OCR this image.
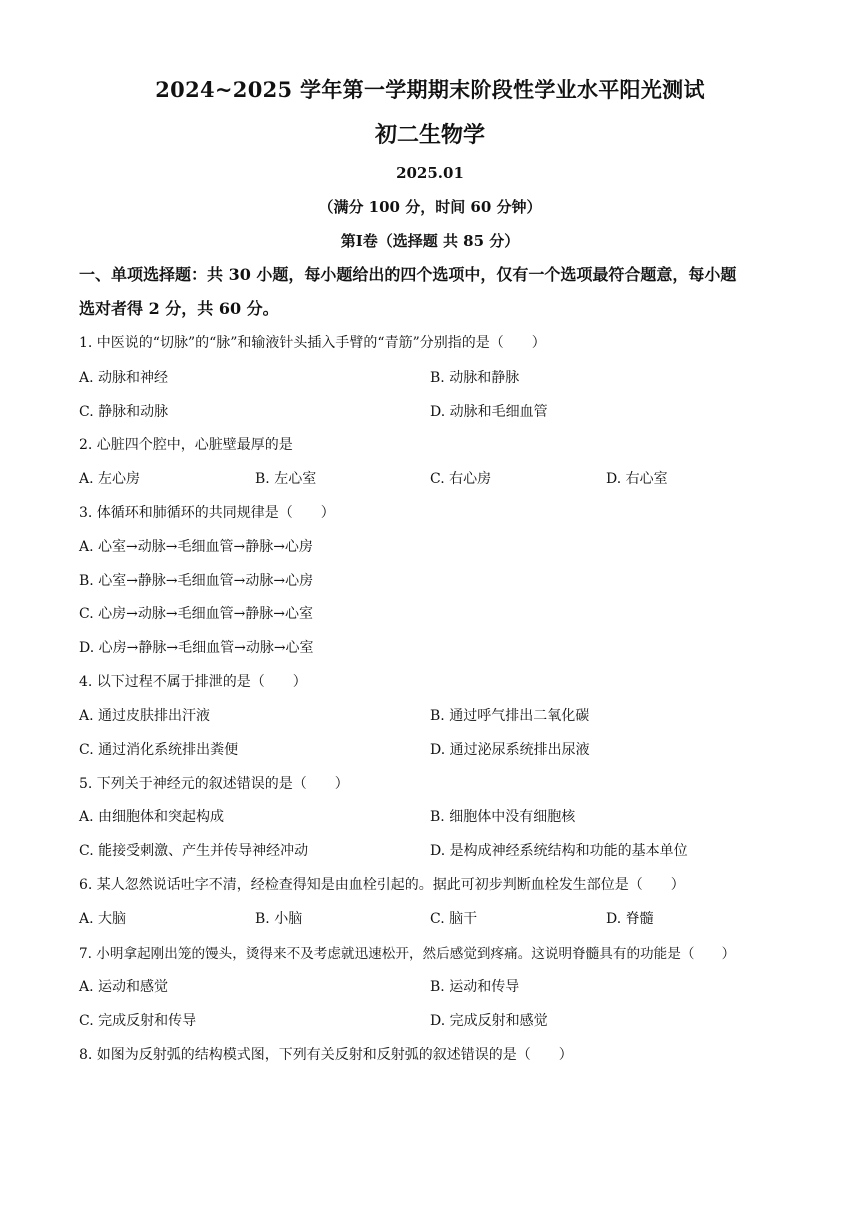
2024~2025 学年第一学期期末阶段性学业水平阳光测试
初二生物学
2025.01
（满分 100 分，时间 60 分钟）
第Ⅰ卷（选择题 共 85 分）
一、单项选择题：共 30 小题，每小题给出的四个选项中，仅有一个选项最符合题意，每小题
选对者得 2 分，共 60 分。
1. 中医说的“切脉”的“脉”和输液针头插入手臂的“青筋”分别指的是（　　）
A. 动脉和神经	B. 动脉和静脉
C. 静脉和动脉	D. 动脉和毛细血管
2. 心脏四个腔中，心脏壁最厚的是
A. 左心房	B. 左心室	C. 右心房	D. 右心室
3. 体循环和肺循环的共同规律是（　　）
A. 心室→动脉→毛细血管→静脉→心房
B. 心室→静脉→毛细血管→动脉→心房
C. 心房→动脉→毛细血管→静脉→心室
D. 心房→静脉→毛细血管→动脉→心室
4. 以下过程不属于排泄的是（　　）
A. 通过皮肤排出汗液	B. 通过呼气排出二氧化碳
C. 通过消化系统排出粪便	D. 通过泌尿系统排出尿液
5. 下列关于神经元的叙述错误的是（　　）
A. 由细胞体和突起构成	B. 细胞体中没有细胞核
C. 能接受刺激、产生并传导神经冲动	D. 是构成神经系统结构和功能的基本单位
6. 某人忽然说话吐字不清，经检查得知是由血栓引起的。据此可初步判断血栓发生部位是（　　）
A. 大脑	B. 小脑	C. 脑干	D. 脊髓
7. 小明拿起刚出笼的馒头，烫得来不及考虑就迅速松开，然后感觉到疼痛。这说明脊髓具有的功能是（　　）
A. 运动和感觉	B. 运动和传导
C. 完成反射和传导	D. 完成反射和感觉
8. 如图为反射弧的结构模式图，下列有关反射和反射弧的叙述错误的是（　　）
